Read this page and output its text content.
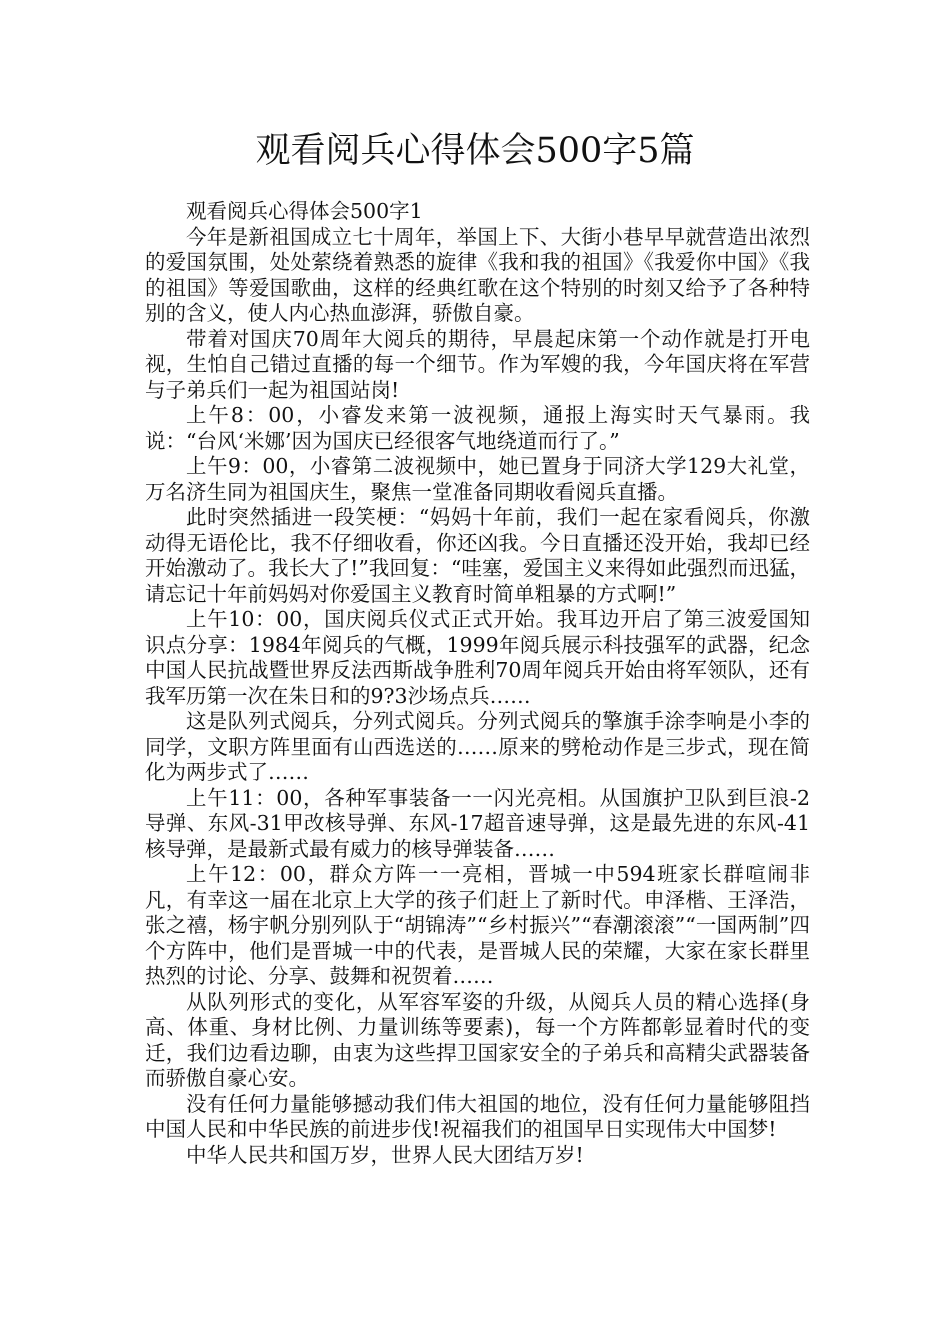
观看阅兵心得体会500字5篇

观看阅兵心得体会500字1

今年是新祖国成立七十周年，举国上下、大街小巷早早就营造出浓烈的爱国氛围，处处萦绕着熟悉的旋律《我和我的祖国》《我爱你中国》《我的祖国》等爱国歌曲，这样的经典红歌在这个特别的时刻又给予了各种特别的含义，使人内心热血澎湃，骄傲自豪。

带着对国庆70周年大阅兵的期待，早晨起床第一个动作就是打开电视，生怕自己错过直播的每一个细节。作为军嫂的我，今年国庆将在军营与子弟兵们一起为祖国站岗!

上午8：00，小睿发来第一波视频，通报上海实时天气暴雨。我说：“台风‘米娜’因为国庆已经很客气地绕道而行了。”

上午9：00，小睿第二波视频中，她已置身于同济大学129大礼堂，万名济生同为祖国庆生，聚焦一堂准备同期收看阅兵直播。

此时突然插进一段笑梗：“妈妈十年前，我们一起在家看阅兵，你激动得无语伦比，我不仔细收看，你还凶我。今日直播还没开始，我却已经开始激动了。我长大了!”我回复：“哇塞，爱国主义来得如此强烈而迅猛，请忘记十年前妈妈对你爱国主义教育时简单粗暴的方式啊!”

上午10：00，国庆阅兵仪式正式开始。我耳边开启了第三波爱国知识点分享：1984年阅兵的气概，1999年阅兵展示科技强军的武器，纪念中国人民抗战暨世界反法西斯战争胜利70周年阅兵开始由将军领队，还有我军历第一次在朱日和的9?3沙场点兵……

这是队列式阅兵，分列式阅兵。分列式阅兵的擎旗手涂李响是小李的同学，文职方阵里面有山西选送的……原来的劈枪动作是三步式，现在简化为两步式了……

上午11：00，各种军事装备一一闪光亮相。从国旗护卫队到巨浪-2导弹、东风-31甲改核导弹、东风-17超音速导弹，这是最先进的东风-41核导弹，是最新式最有威力的核导弹装备……

上午12：00，群众方阵一一亮相，晋城一中594班家长群喧闹非凡，有幸这一届在北京上大学的孩子们赶上了新时代。申泽楷、王泽浩，张之禧，杨宇帆分别列队于“胡锦涛”“乡村振兴”“春潮滚滚”“一国两制”四个方阵中，他们是晋城一中的代表，是晋城人民的荣耀，大家在家长群里热烈的讨论、分享、鼓舞和祝贺着……

从队列形式的变化，从军容军姿的升级，从阅兵人员的精心选择(身高、体重、身材比例、力量训练等要素)，每一个方阵都彰显着时代的变迁，我们边看边聊，由衷为这些捍卫国家安全的子弟兵和高精尖武器装备而骄傲自豪心安。

没有任何力量能够撼动我们伟大祖国的地位，没有任何力量能够阻挡中国人民和中华民族的前进步伐!祝福我们的祖国早日实现伟大中国梦!

中华人民共和国万岁，世界人民大团结万岁!
